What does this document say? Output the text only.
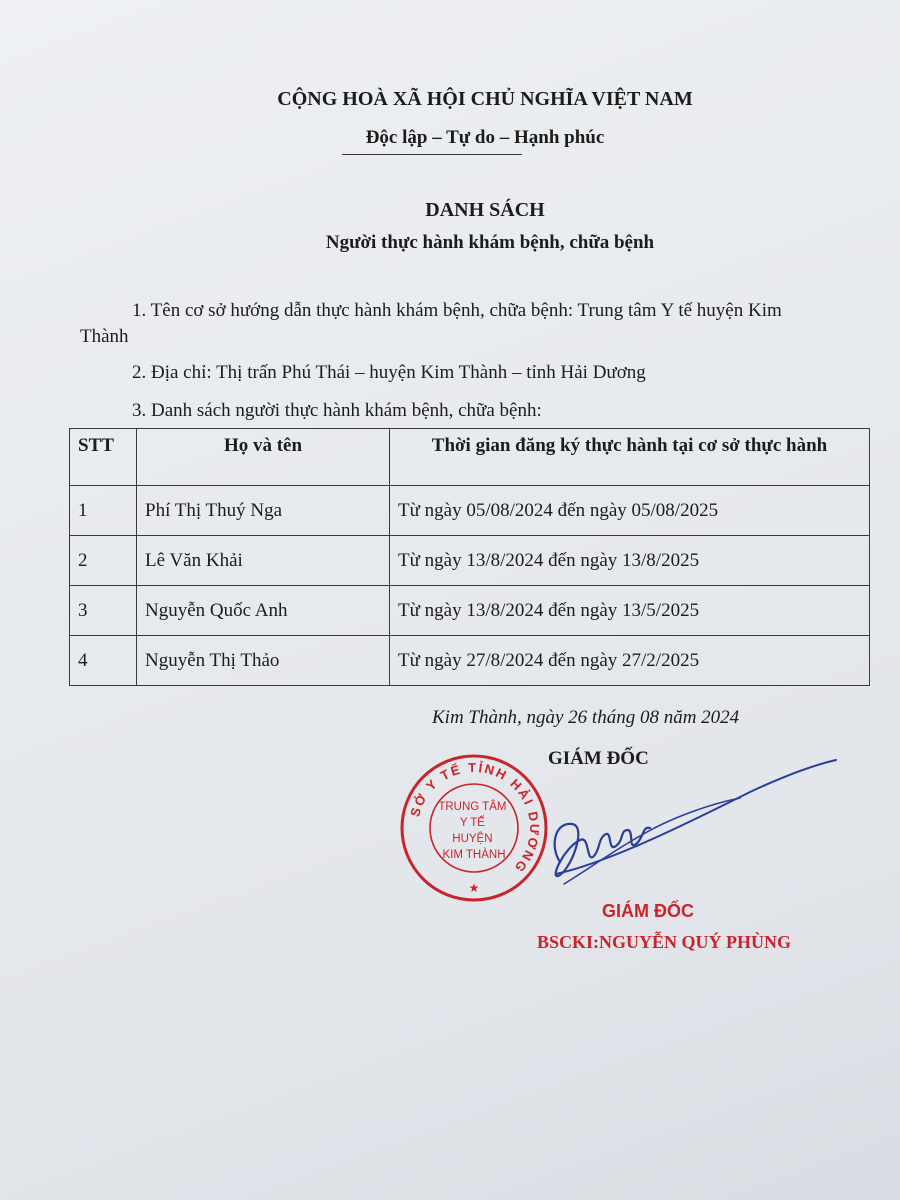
CỘNG HOÀ XÃ HỘI CHỦ NGHĨA VIỆT NAM
Độc lập – Tự do – Hạnh phúc
DANH SÁCH
Người thực hành khám bệnh, chữa bệnh
1. Tên cơ sở hướng dẫn thực hành khám bệnh, chữa bệnh: Trung tâm Y tế huyện Kim Thành
2. Địa chỉ: Thị trấn Phú Thái – huyện Kim Thành – tỉnh Hải Dương
3. Danh sách người thực hành khám bệnh, chữa bệnh:
STT	Họ và tên	Thời gian đăng ký thực hành tại cơ sở thực hành
1	Phí Thị Thuý Nga	Từ ngày 05/08/2024 đến ngày 05/08/2025
2	Lê Văn Khải	Từ ngày 13/8/2024 đến ngày 13/8/2025
3	Nguyễn Quốc Anh	Từ ngày 13/8/2024 đến ngày 13/5/2025
4	Nguyễn Thị Thảo	Từ ngày 27/8/2024 đến ngày 27/2/2025
Kim Thành, ngày 26 tháng 08 năm 2024
GIÁM ĐỐC
SỞ Y TẾ TỈNH HẢI DƯƠNG
TRUNG TÂM Y TẾ HUYỆN KIM THÀNH
★
GIÁM ĐỐC
BSCKI:NGUYỄN QUÝ PHÙNG
